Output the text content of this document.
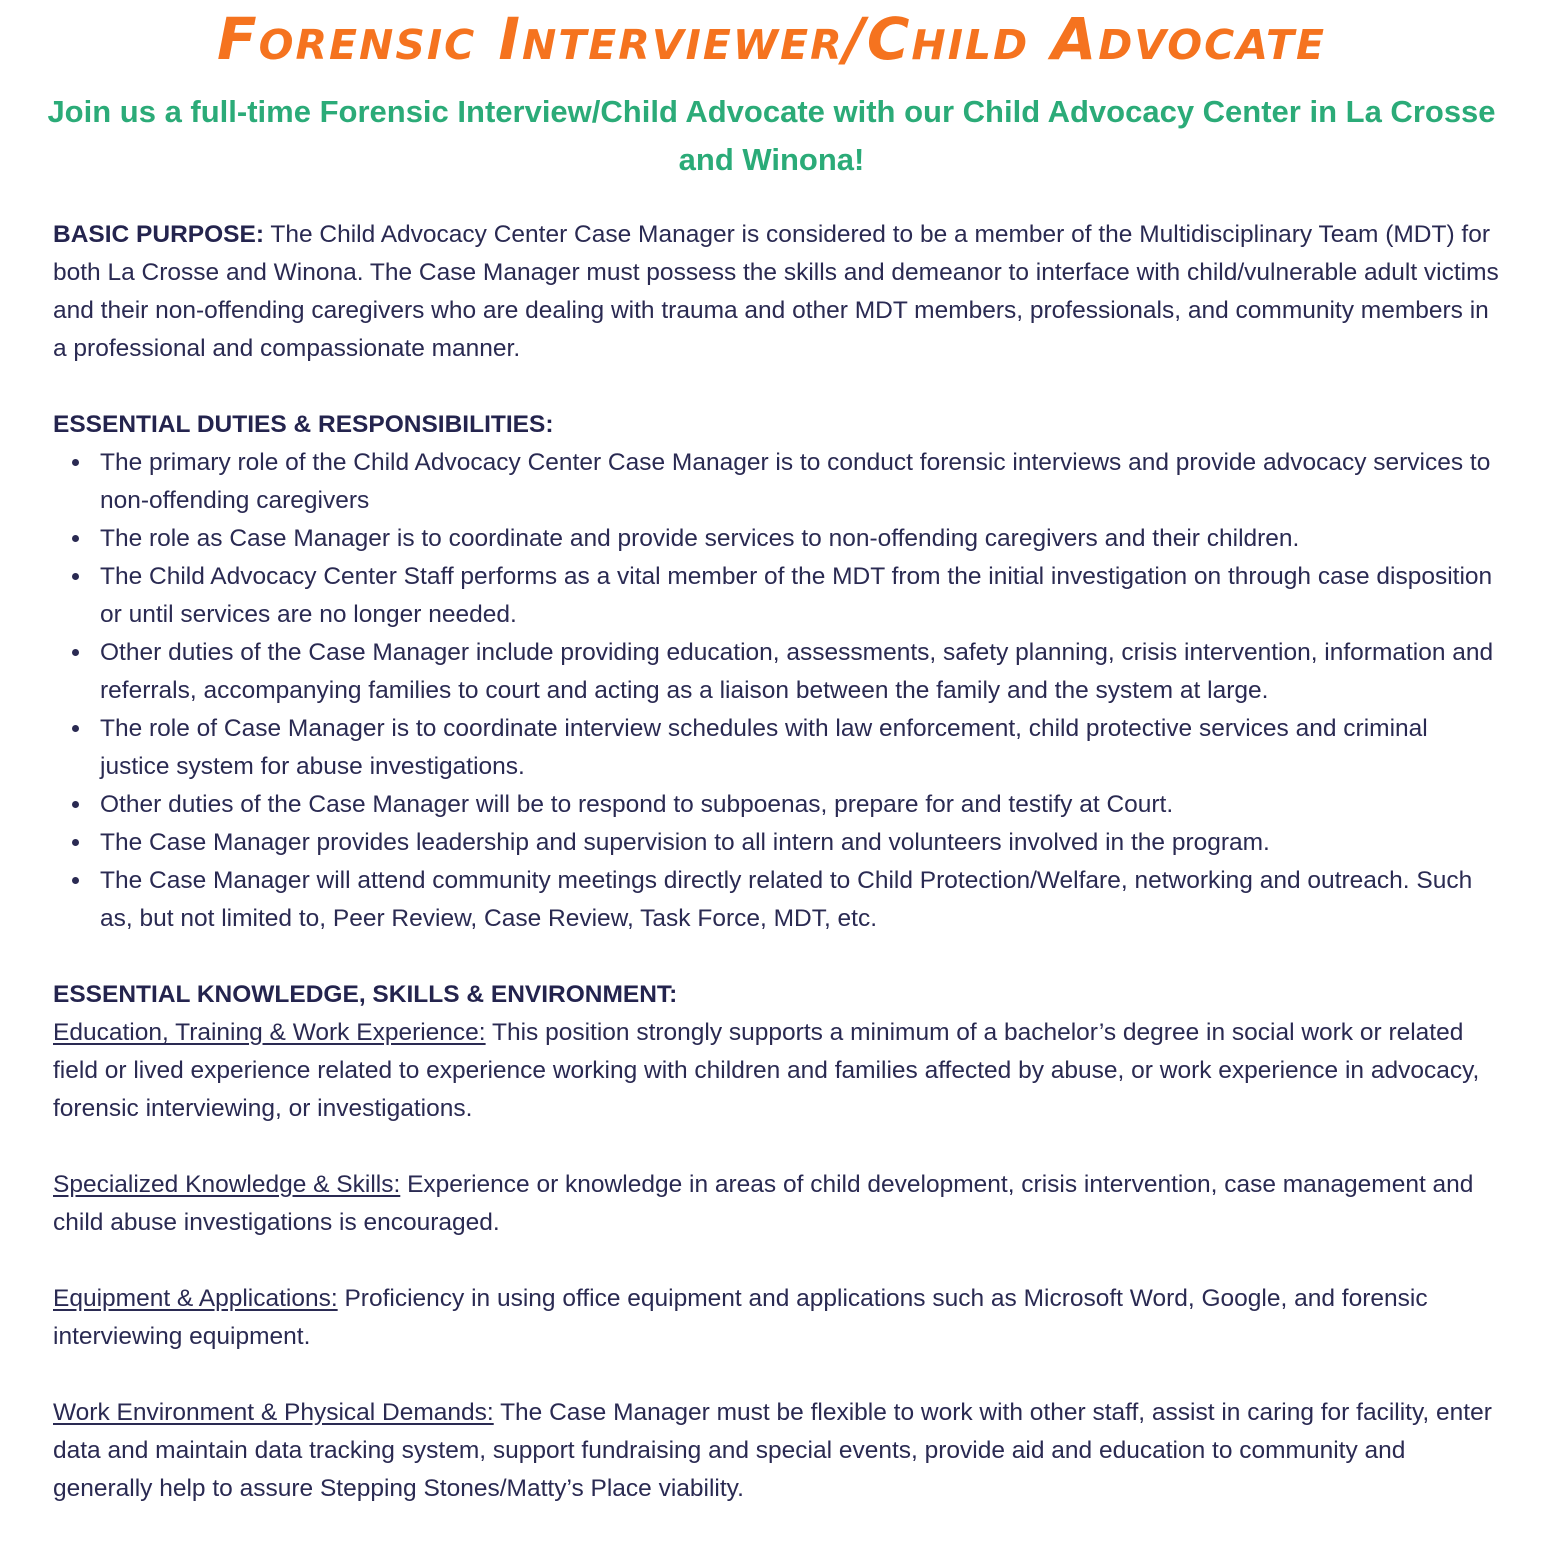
Forensic Interviewer/Child Advocate
Join us a full-time Forensic Interview/Child Advocate with our Child Advocacy Center in La Crosse and Winona!

BASIC PURPOSE: The Child Advocacy Center Case Manager is considered to be a member of the Multidisciplinary Team (MDT) for both La Crosse and Winona. The Case Manager must possess the skills and demeanor to interface with child/vulnerable adult victims and their non-offending caregivers who are dealing with trauma and other MDT members, professionals, and community members in a professional and compassionate manner.

ESSENTIAL DUTIES & RESPONSIBILITIES:

The primary role of the Child Advocacy Center Case Manager is to conduct forensic interviews and provide advocacy services to non-offending caregivers
The role as Case Manager is to coordinate and provide services to non-offending caregivers and their children.
The Child Advocacy Center Staff performs as a vital member of the MDT from the initial investigation on through case disposition or until services are no longer needed.
Other duties of the Case Manager include providing education, assessments, safety planning, crisis intervention, information and referrals, accompanying families to court and acting as a liaison between the family and the system at large.
The role of Case Manager is to coordinate interview schedules with law enforcement, child protective services and criminal justice system for abuse investigations.
Other duties of the Case Manager will be to respond to subpoenas, prepare for and testify at Court.
The Case Manager provides leadership and supervision to all intern and volunteers involved in the program.
The Case Manager will attend community meetings directly related to Child Protection/Welfare, networking and outreach. Such as, but not limited to, Peer Review, Case Review, Task Force, MDT, etc.

ESSENTIAL KNOWLEDGE, SKILLS & ENVIRONMENT:

Education, Training & Work Experience: This position strongly supports a minimum of a bachelor’s degree in social work or related field or lived experience related to experience working with children and families affected by abuse, or work experience in advocacy, forensic interviewing, or investigations.

Specialized Knowledge & Skills: Experience or knowledge in areas of child development, crisis intervention, case management and child abuse investigations is encouraged.

Equipment & Applications: Proficiency in using office equipment and applications such as Microsoft Word, Google, and forensic interviewing equipment.

Work Environment & Physical Demands: The Case Manager must be flexible to work with other staff, assist in caring for facility, enter data and maintain data tracking system, support fundraising and special events, provide aid and education to community and generally help to assure Stepping Stones/Matty’s Place viability.
